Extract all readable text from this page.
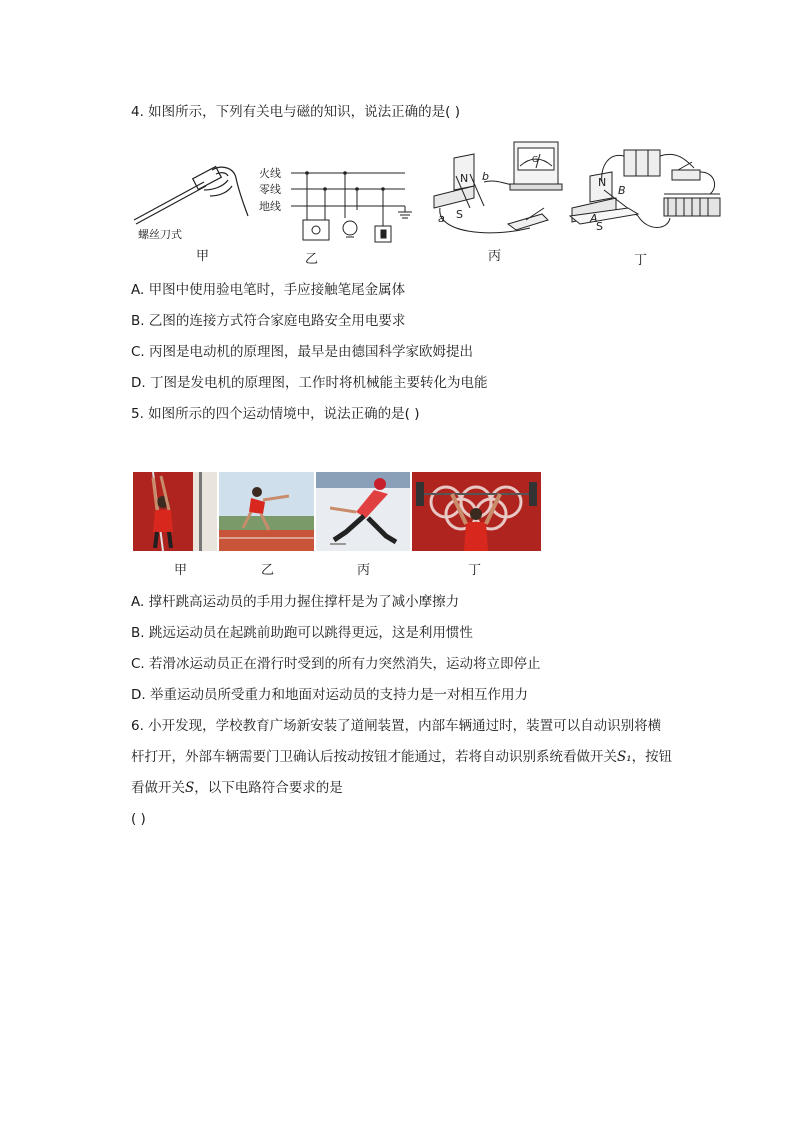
4. 如图所示，下列有关电与磁的知识，说法正确的是( )
螺丝刀式
甲
火线
零线
地线
乙
N
S
a
b
G
丙
N
S
A
B
丁
A. 甲图中使用验电笔时，手应接触笔尾金属体
B. 乙图的连接方式符合家庭电路安全用电要求
C. 丙图是电动机的原理图，最早是由德国科学家欧姆提出
D. 丁图是发电机的原理图，工作时将机械能主要转化为电能
5. 如图所示的四个运动情境中，说法正确的是( )
甲	乙	丙	丁
A. 撑杆跳高运动员的手用力握住撑杆是为了减小摩擦力
B. 跳远运动员在起跳前助跑可以跳得更远，这是利用惯性
C. 若滑冰运动员正在滑行时受到的所有力突然消失，运动将立即停止
D. 举重运动员所受重力和地面对运动员的支持力是一对相互作用力
6. 小开发现，学校教育广场新安装了道闸装置，内部车辆通过时，装置可以自动识别将横
杆打开，外部车辆需要门卫确认后按动按钮才能通过，若将自动识别系统看做开关S₁，按钮
看做开关S，以下电路符合要求的是
( )
